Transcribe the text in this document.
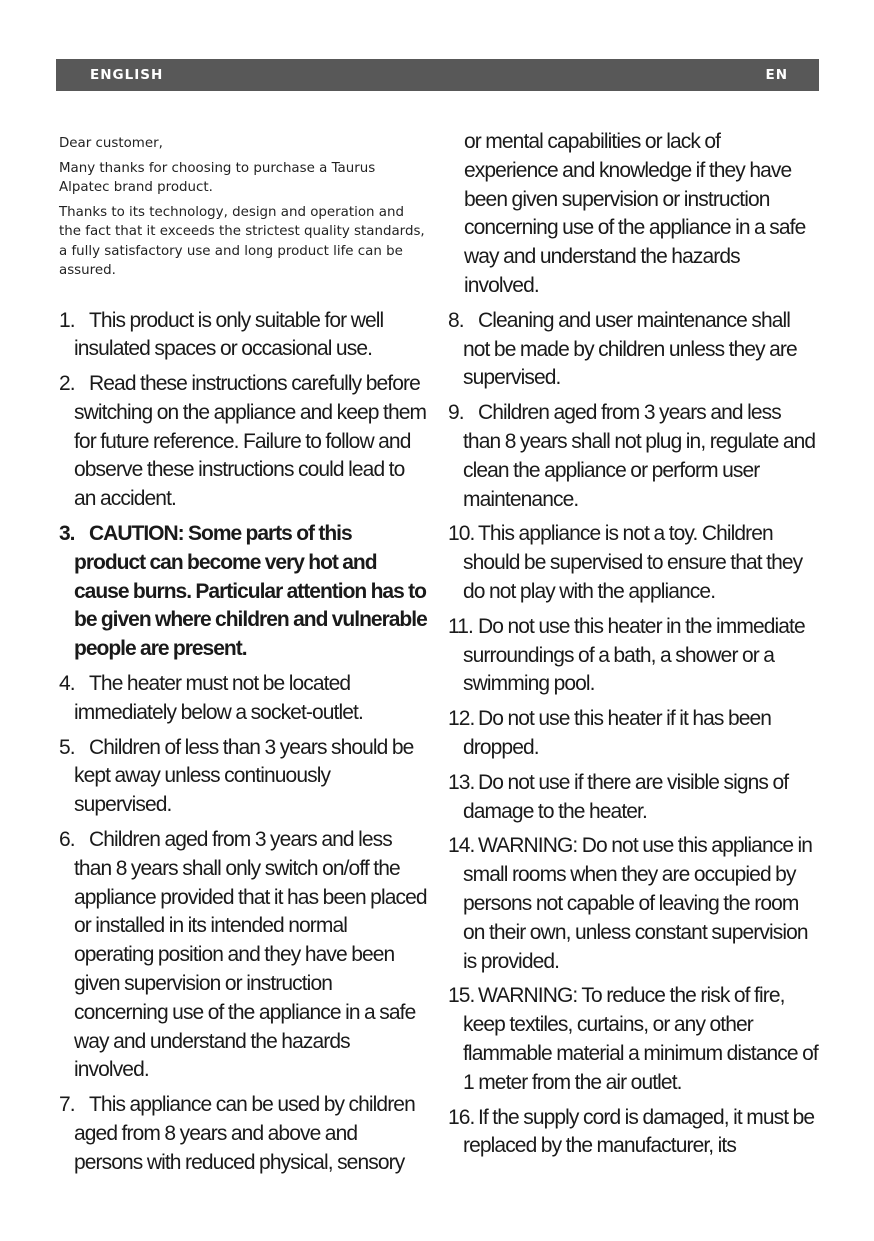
ENGLISH	EN

Dear customer,

Many thanks for choosing to purchase a Taurus Alpatec brand product.

Thanks to its technology, design and operation and the fact that it exceeds the strictest quality standards, a fully satisfactory use and long product life can be assured.

1. This product is only suitable for well insulated spaces or occasional use.
2. Read these instructions carefully before switching on the appliance and keep them for future reference. Failure to follow and observe these instructions could lead to an accident.
3. CAUTION: Some parts of this product can become very hot and cause burns. Particular attention has to be given where children and vulnerable people are present.
4. The heater must not be located immediately below a socket-outlet.
5. Children of less than 3 years should be kept away unless continuously supervised.
6. Children aged from 3 years and less than 8 years shall only switch on/off the appliance provided that it has been placed or installed in its intended normal operating position and they have been given supervision or instruction concerning use of the appliance in a safe way and understand the hazards involved.
7. This appliance can be used by children aged from 8 years and above and persons with reduced physical, sensory
or mental capabilities or lack of experience and knowledge if they have been given supervision or instruction concerning use of the appliance in a safe way and understand the hazards involved.
8. Cleaning and user maintenance shall not be made by children unless they are supervised.
9. Children aged from 3 years and less than 8 years shall not plug in, regulate and clean the appliance or perform user maintenance.
10. This appliance is not a toy. Children should be supervised to ensure that they do not play with the appliance.
11. Do not use this heater in the immediate surroundings of a bath, a shower or a swimming pool.
12. Do not use this heater if it has been dropped.
13. Do not use if there are visible signs of damage to the heater.
14. WARNING: Do not use this appliance in small rooms when they are occupied by persons not capable of leaving the room on their own, unless constant supervision is provided.
15. WARNING: To reduce the risk of fire, keep textiles, curtains, or any other flammable material a minimum distance of 1 meter from the air outlet.
16. If the supply cord is damaged, it must be replaced by the manufacturer, its
